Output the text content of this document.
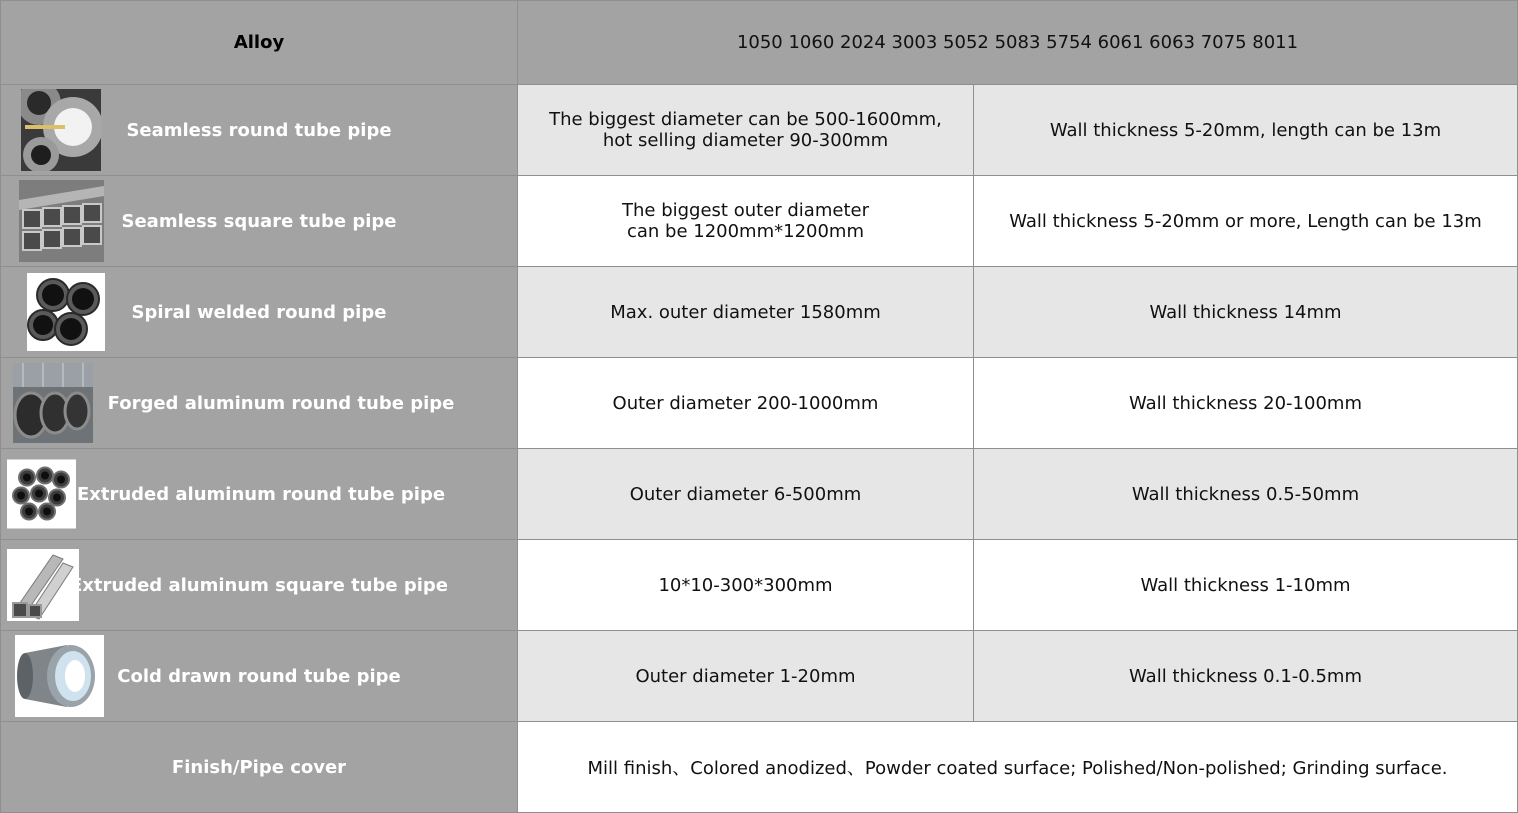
Alloy	1050 1060 2024 3003 5052 5083 5754 6061 6063 7075 8011	

Seamless round tube pipe	The biggest diameter can be 500-1600mm, hot selling diameter 90-300mm	Wall thickness 5-20mm, length can be 13m

Seamless square tube pipe	The biggest outer diameter can be 1200mm*1200mm	Wall thickness 5-20mm or more, Length can be 13m

Spiral welded round pipe	Max. outer diameter 1580mm	Wall thickness 14mm

Forged aluminum round tube pipe	Outer diameter 200-1000mm	Wall thickness 20-100mm

Extruded aluminum round tube pipe	Outer diameter 6-500mm	Wall thickness 0.5-50mm

Extruded aluminum square tube pipe	10*10-300*300mm	Wall thickness 1-10mm

Cold drawn round tube pipe	Outer diameter 1-20mm	Wall thickness 0.1-0.5mm
Finish/Pipe cover	Mill finish、Colored anodized、Powder coated surface; Polished/Non-polished; Grinding surface.	
